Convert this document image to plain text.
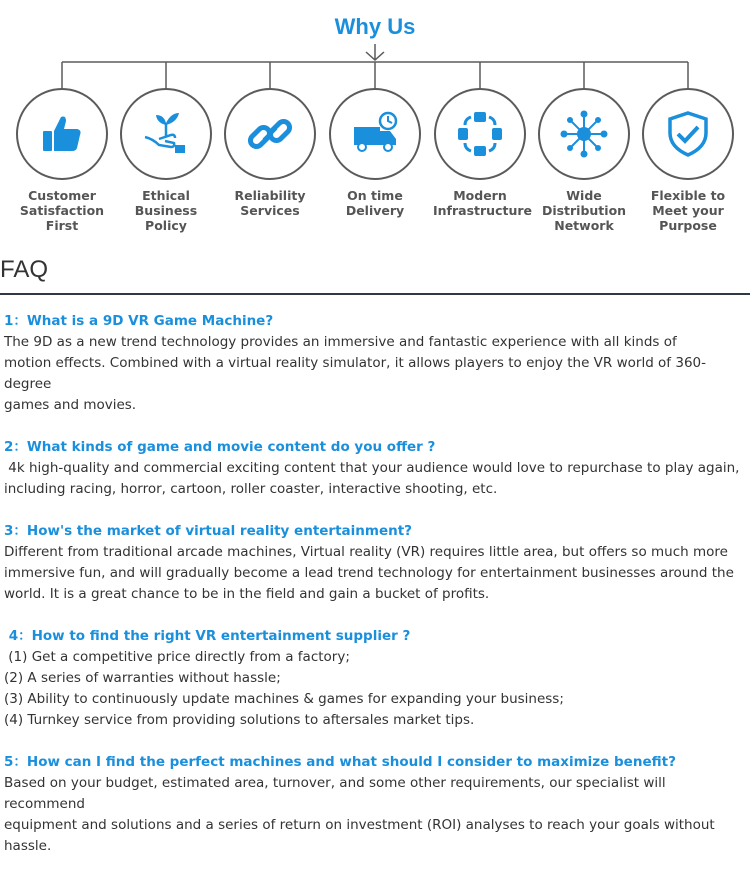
Why Us
Customer
Satisfaction
First
Ethical
Business Policy
Reliability
Services
On time
Delivery
Modern
Infrastructure
Wide
Distribution
Network
Flexible to
Meet your
Purpose
FAQ

1：What is a 9D VR Game Machine?

The 9D as a new trend technology provides an immersive and fantastic experience with all kinds of
motion effects. Combined with a virtual reality simulator, it allows players to enjoy the VR world of 360-degree
games and movies.

2：What kinds of game and movie content do you offer ?

4k high-quality and commercial exciting content that your audience would love to repurchase to play again,
including racing, horror, cartoon, roller coaster, interactive shooting, etc.

3：How's the market of virtual reality entertainment?

Different from traditional arcade machines, Virtual reality (VR) requires little area, but offers so much more
immersive fun, and will gradually become a lead trend technology for entertainment businesses around the
world. It is a great chance to be in the field and gain a bucket of profits.

4：How to find the right VR entertainment supplier ?

(1) Get a competitive price directly from a factory;
(2) A series of warranties without hassle;
(3) Ability to continuously update machines & games for expanding your business;
(4) Turnkey service from providing solutions to aftersales market tips.

5：How can I find the perfect machines and what should I consider to maximize benefit?

Based on your budget, estimated area, turnover, and some other requirements, our specialist will recommend
equipment and solutions and a series of return on investment (ROI) analyses to reach your goals without hassle.
